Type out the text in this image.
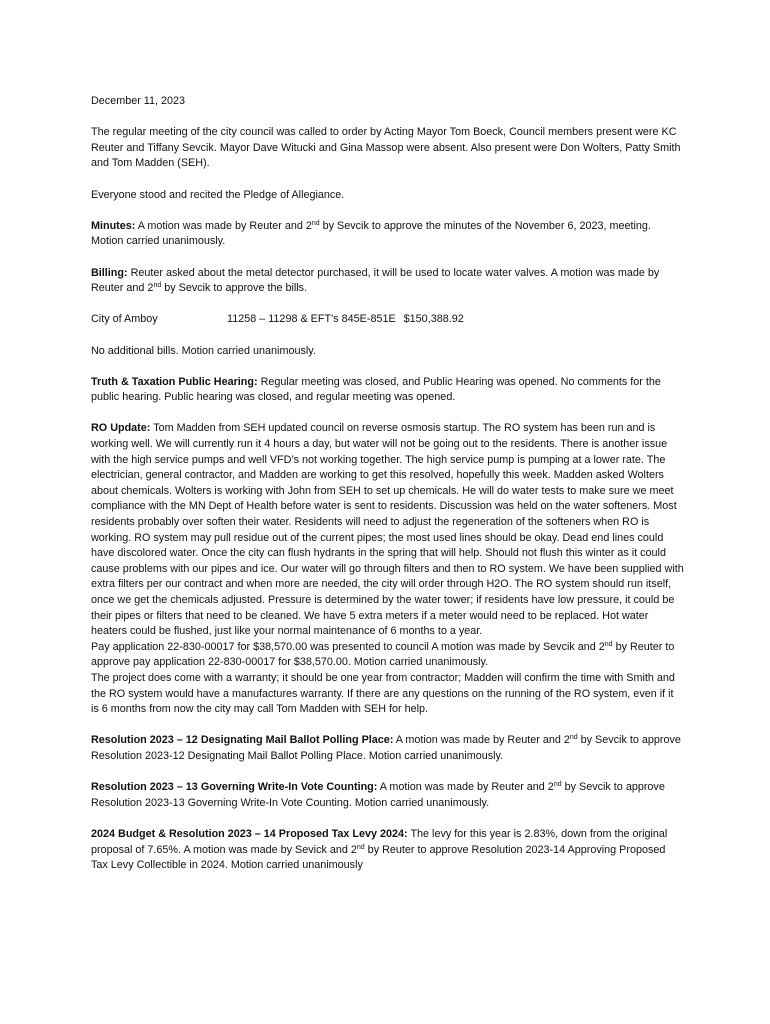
December 11, 2023

The regular meeting of the city council was called to order by Acting Mayor Tom Boeck, Council members present were KC Reuter and Tiffany Sevcik. Mayor Dave Witucki and Gina Massop were absent. Also present were Don Wolters, Patty Smith and Tom Madden (SEH).

Everyone stood and recited the Pledge of Allegiance.

Minutes: A motion was made by Reuter and 2nd by Sevcik to approve the minutes of the November 6, 2023, meeting. Motion carried unanimously.

Billing: Reuter asked about the metal detector purchased, it will be used to locate water valves. A motion was made by Reuter and 2nd by Sevcik to approve the bills.

City of Amboy	11258 – 11298 & EFT’s 845E-851E $150,388.92

No additional bills. Motion carried unanimously.

Truth & Taxation Public Hearing: Regular meeting was closed, and Public Hearing was opened. No comments for the public hearing. Public hearing was closed, and regular meeting was opened.

RO Update: Tom Madden from SEH updated council on reverse osmosis startup. The RO system has been run and is working well. We will currently run it 4 hours a day, but water will not be going out to the residents. There is another issue with the high service pumps and well VFD’s not working together. The high service pump is pumping at a lower rate. The electrician, general contractor, and Madden are working to get this resolved, hopefully this week. Madden asked Wolters about chemicals. Wolters is working with John from SEH to set up chemicals. He will do water tests to make sure we meet compliance with the MN Dept of Health before water is sent to residents. Discussion was held on the water softeners. Most residents probably over soften their water. Residents will need to adjust the regeneration of the softeners when RO is working. RO system may pull residue out of the current pipes; the most used lines should be okay. Dead end lines could have discolored water. Once the city can flush hydrants in the spring that will help. Should not flush this winter as it could cause problems with our pipes and ice. Our water will go through filters and then to RO system. We have been supplied with extra filters per our contract and when more are needed, the city will order through H2O. The RO system should run itself, once we get the chemicals adjusted. Pressure is determined by the water tower; if residents have low pressure, it could be their pipes or filters that need to be cleaned. We have 5 extra meters if a meter would need to be replaced. Hot water heaters could be flushed, just like your normal maintenance of 6 months to a year.

Pay application 22-830-00017 for $38,570.00 was presented to council A motion was made by Sevcik and 2nd by Reuter to approve pay application 22-830-00017 for $38,570.00. Motion carried unanimously.

The project does come with a warranty; it should be one year from contractor; Madden will confirm the time with Smith and the RO system would have a manufactures warranty. If there are any questions on the running of the RO system, even if it is 6 months from now the city may call Tom Madden with SEH for help.

Resolution 2023 – 12 Designating Mail Ballot Polling Place: A motion was made by Reuter and 2nd by Sevcik to approve Resolution 2023-12 Designating Mail Ballot Polling Place. Motion carried unanimously.

Resolution 2023 – 13 Governing Write-In Vote Counting: A motion was made by Reuter and 2nd by Sevcik to approve Resolution 2023-13 Governing Write-In Vote Counting. Motion carried unanimously.

2024 Budget & Resolution 2023 – 14 Proposed Tax Levy 2024: The levy for this year is 2.83%, down from the original proposal of 7.65%. A motion was made by Sevick and 2nd by Reuter to approve Resolution 2023-14 Approving Proposed Tax Levy Collectible in 2024. Motion carried unanimously
